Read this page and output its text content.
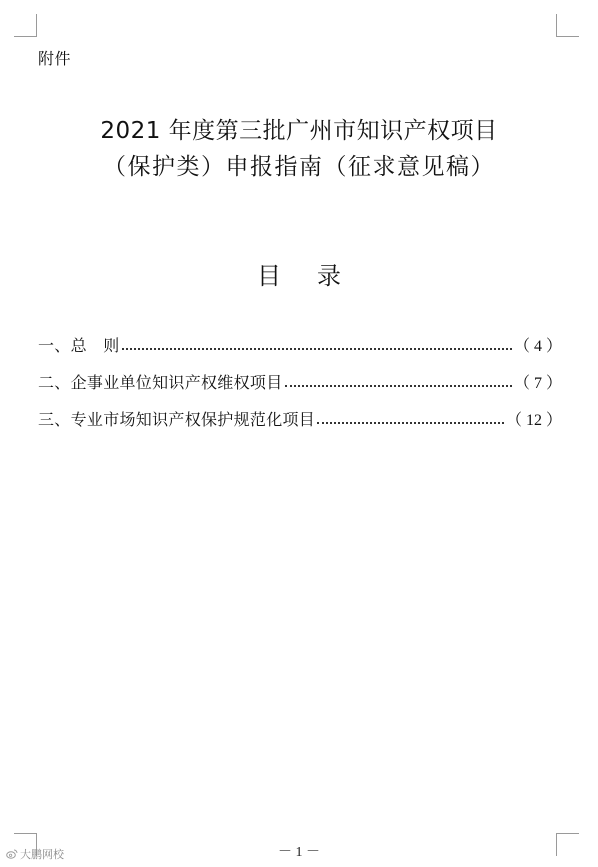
附件
2021 年度第三批广州市知识产权项目
（保护类）申报指南（征求意见稿）
目录
一、总　则	（ 4 ）
二、企事业单位知识产权维权项目	（ 7 ）
三、专业市场知识产权保护规范化项目	（ 12 ）
－ 1 －
大鹏网校
